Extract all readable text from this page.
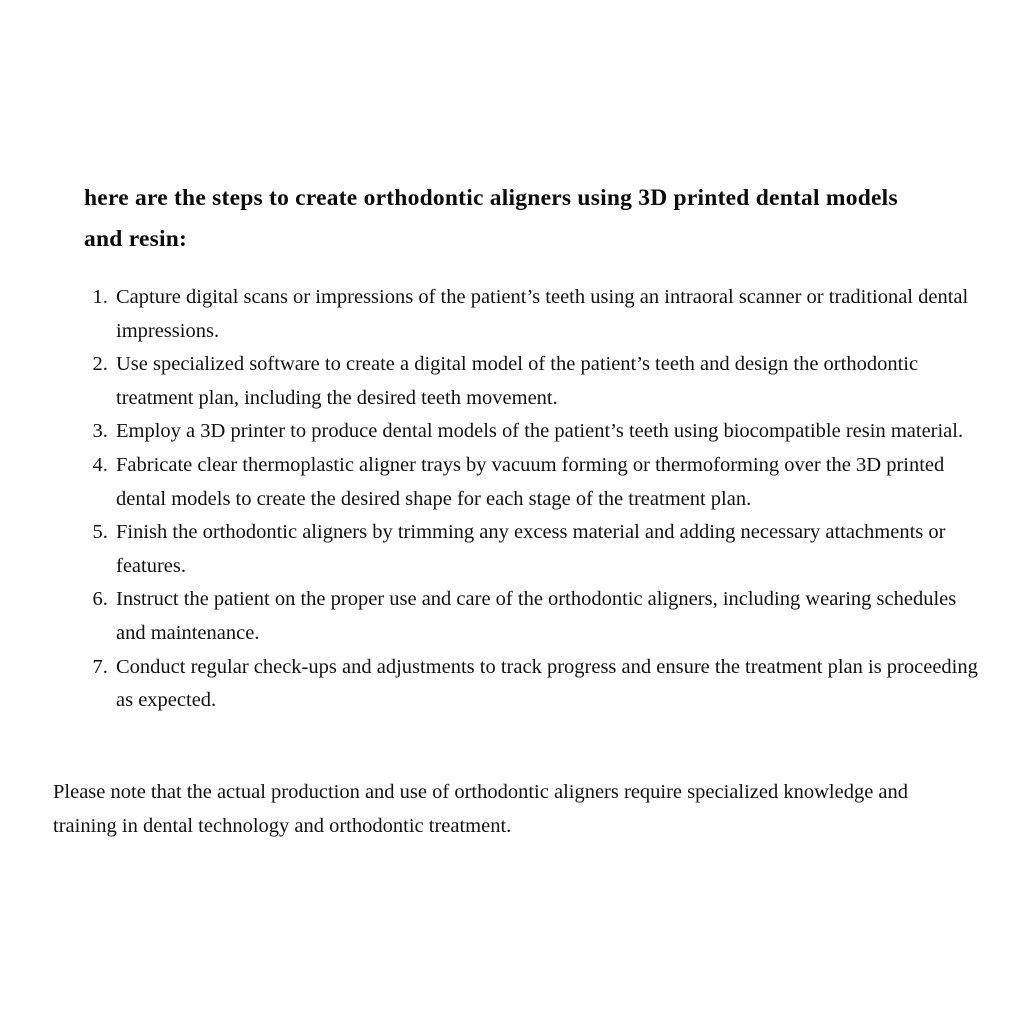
here are the steps to create orthodontic aligners using 3D printed dental models and resin:
1. Capture digital scans or impressions of the patient’s teeth using an intraoral scanner or traditional dental impressions.
2. Use specialized software to create a digital model of the patient’s teeth and design the orthodontic treatment plan, including the desired teeth movement.
3. Employ a 3D printer to produce dental models of the patient’s teeth using biocompatible resin material.
4. Fabricate clear thermoplastic aligner trays by vacuum forming or thermoforming over the 3D printed dental models to create the desired shape for each stage of the treatment plan.
5. Finish the orthodontic aligners by trimming any excess material and adding necessary attachments or features.
6. Instruct the patient on the proper use and care of the orthodontic aligners, including wearing schedules and maintenance.
7. Conduct regular check-ups and adjustments to track progress and ensure the treatment plan is proceeding as expected.

Please note that the actual production and use of orthodontic aligners require specialized knowledge and training in dental technology and orthodontic treatment.
